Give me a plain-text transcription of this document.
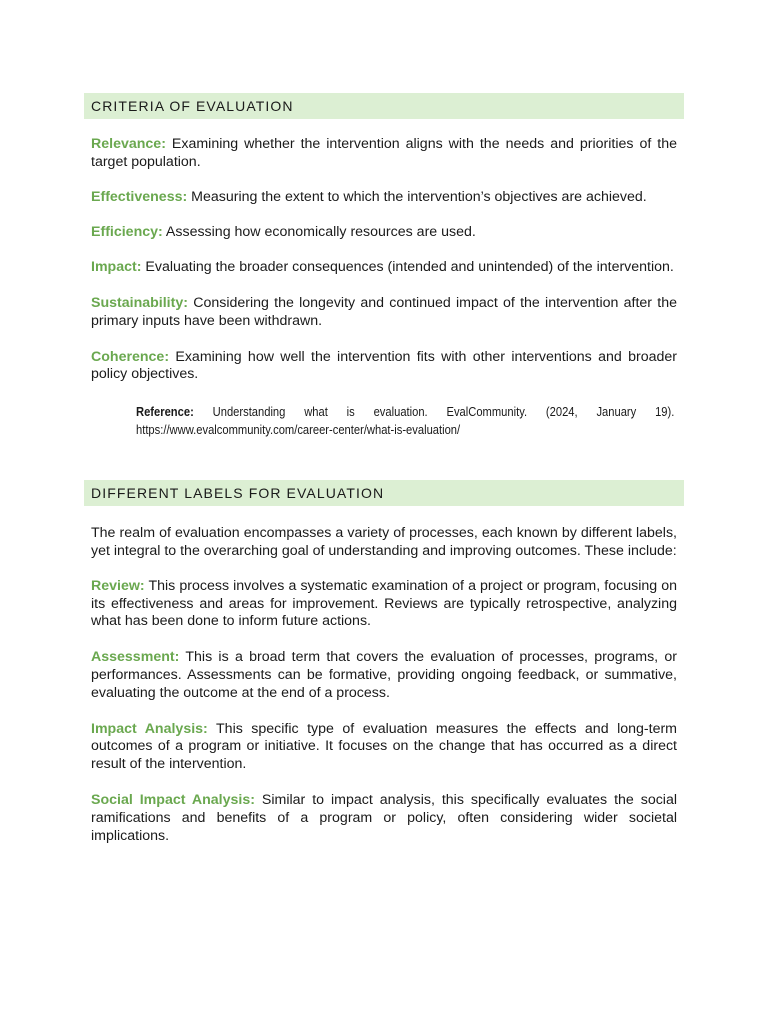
CRITERIA OF EVALUATION

Relevance: Examining whether the intervention aligns with the needs and priorities of the target population.

Effectiveness: Measuring the extent to which the intervention’s objectives are achieved.

Efficiency: Assessing how economically resources are used.

Impact: Evaluating the broader consequences (intended and unintended) of the intervention.

Sustainability: Considering the longevity and continued impact of the intervention after the primary inputs have been withdrawn.

Coherence: Examining how well the intervention fits with other interventions and broader policy objectives.

Reference: Understanding what is evaluation. EvalCommunity. (2024, January 19). https://www.evalcommunity.com/career-center/what-is-evaluation/

DIFFERENT LABELS FOR EVALUATION

The realm of evaluation encompasses a variety of processes, each known by different labels, yet integral to the overarching goal of understanding and improving outcomes. These include:

Review: This process involves a systematic examination of a project or program, focusing on its effectiveness and areas for improvement. Reviews are typically retrospective, analyzing what has been done to inform future actions.

Assessment: This is a broad term that covers the evaluation of processes, programs, or performances. Assessments can be formative, providing ongoing feedback, or summative, evaluating the outcome at the end of a process.

Impact Analysis: This specific type of evaluation measures the effects and long-term outcomes of a program or initiative. It focuses on the change that has occurred as a direct result of the intervention.

Social Impact Analysis: Similar to impact analysis, this specifically evaluates the social ramifications and benefits of a program or policy, often considering wider societal implications.
